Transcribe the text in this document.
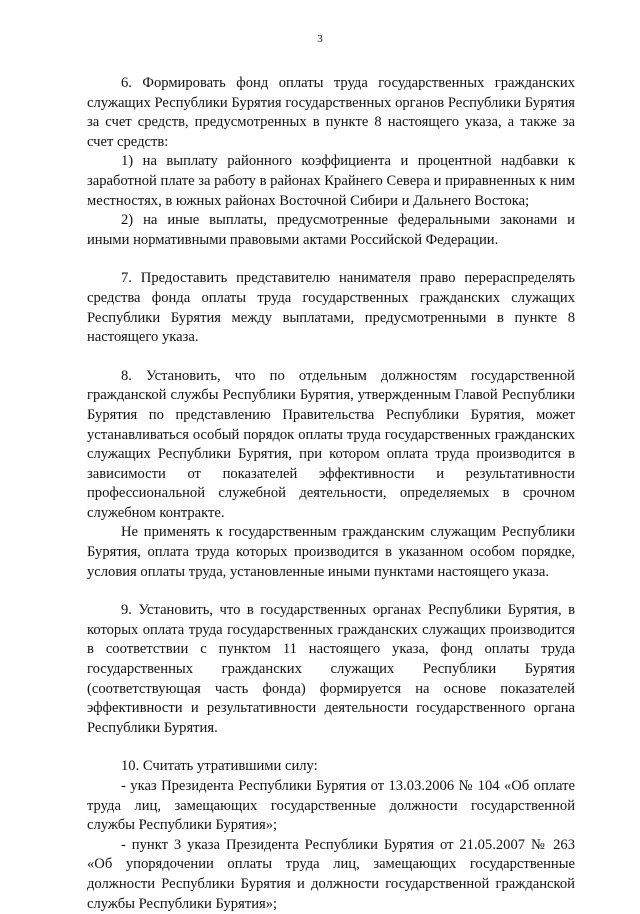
3

6. Формировать фонд оплаты труда государственных гражданских служащих Республики Бурятия государственных органов Республики Бурятия за счет средств, предусмотренных в пункте 8 настоящего указа, а также за счет средств:

1) на выплату районного коэффициента и процентной надбавки к заработной плате за работу в районах Крайнего Севера и приравненных к ним местностях, в южных районах Восточной Сибири и Дальнего Востока;

2) на иные выплаты, предусмотренные федеральными законами и иными нормативными правовыми актами Российской Федерации.

7. Предоставить представителю нанимателя право перераспределять средства фонда оплаты труда государственных гражданских служащих Республики Бурятия между выплатами, предусмотренными в пункте 8 настоящего указа.

8. Установить, что по отдельным должностям государственной гражданской службы Республики Бурятия, утвержденным Главой Республики Бурятия по представлению Правительства Республики Бурятия, может устанавливаться особый порядок оплаты труда государственных гражданских служащих Республики Бурятия, при котором оплата труда производится в зависимости от показателей эффективности и результативности профессиональной служебной деятельности, определяемых в срочном служебном контракте.

Не применять к государственным гражданским служащим Республики Бурятия, оплата труда которых производится в указанном особом порядке, условия оплаты труда, установленные иными пунктами настоящего указа.

9. Установить, что в государственных органах Республики Бурятия, в которых оплата труда государственных гражданских служащих производится в соответствии с пунктом 11 настоящего указа, фонд оплаты труда государственных гражданских служащих Республики Бурятия (соответствующая часть фонда) формируется на основе показателей эффективности и результативности деятельности государственного органа Республики Бурятия.

10. Считать утратившими силу:

- указ Президента Республики Бурятия от 13.03.2006 № 104 «Об оплате труда лиц, замещающих государственные должности государственной службы Республики Бурятия»;

- пункт 3 указа Президента Республики Бурятия от 21.05.2007 № 263 «Об упорядочении оплаты труда лиц, замещающих государственные должности Республики Бурятия и должности государственной гражданской службы Республики Бурятия»;
